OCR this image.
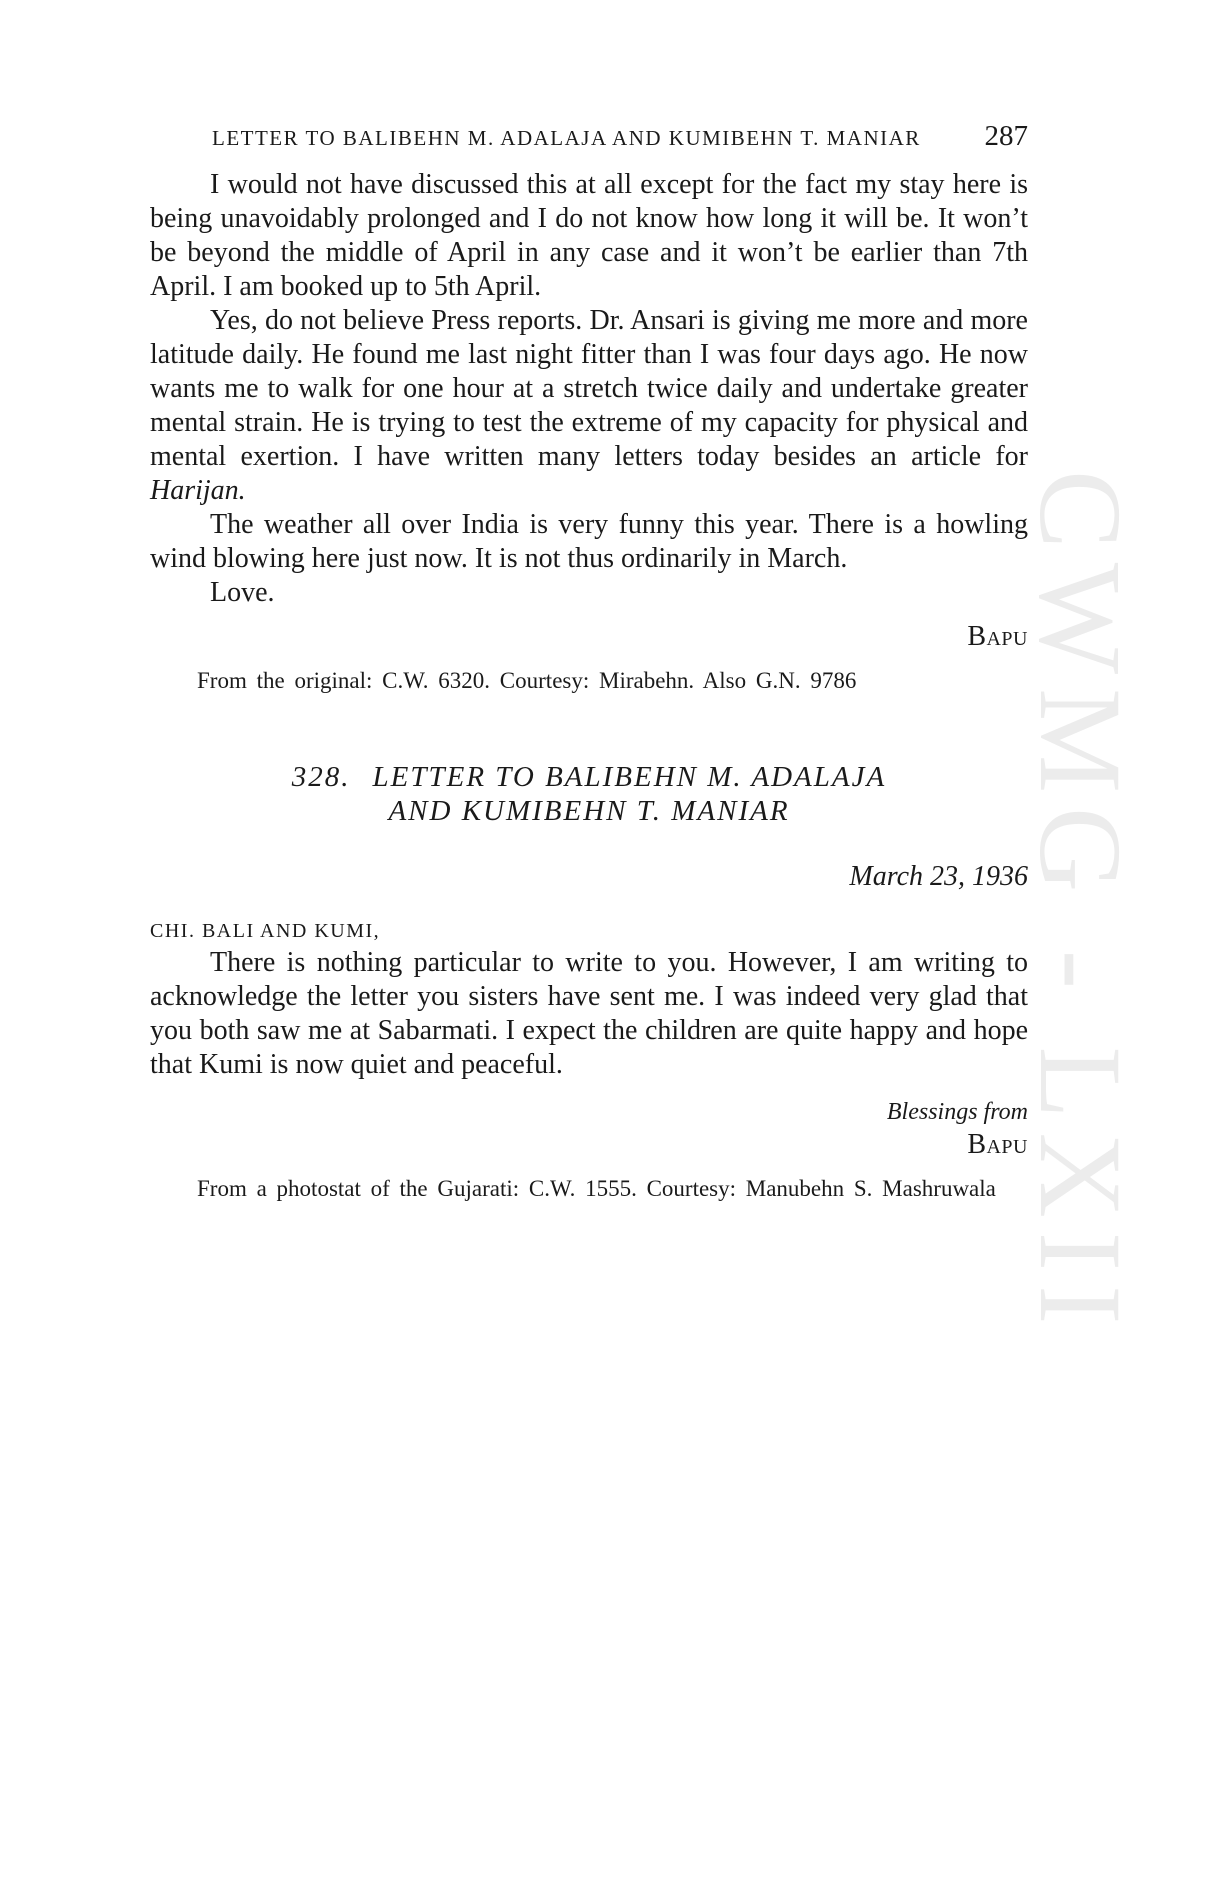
CWMG - LXII
LETTER TO BALIBEHN M. ADALAJA AND KUMIBEHN T. MANIAR 287

I would not have discussed this at all except for the fact my stay here is being unavoidably prolonged and I do not know how long it will be. It won’t be beyond the middle of April in any case and it won’t be earlier than 7th April. I am booked up to 5th April.

Yes, do not believe Press reports. Dr. Ansari is giving me more and more latitude daily. He found me last night fitter than I was four days ago. He now wants me to walk for one hour at a stretch twice daily and undertake greater mental strain. He is trying to test the extreme of my capacity for physical and mental exertion. I have written many letters today besides an article for Harijan.

The weather all over India is very funny this year. There is a howling wind blowing here just now. It is not thus ordinarily in March.

Love.

Bapu

From the original: C.W. 6320. Courtesy: Mirabehn. Also G.N. 9786

328. LETTER TO BALIBEHN M. ADALAJA
AND KUMIBEHN T. MANIAR

March 23, 1936

CHI. BALI AND KUMI,

There is nothing particular to write to you. However, I am writing to acknowledge the letter you sisters have sent me. I was indeed very glad that you both saw me at Sabarmati. I expect the children are quite happy and hope that Kumi is now quiet and peaceful.

Blessings from

Bapu

From a photostat of the Gujarati: C.W. 1555. Courtesy: Manubehn S. Mashruwala
